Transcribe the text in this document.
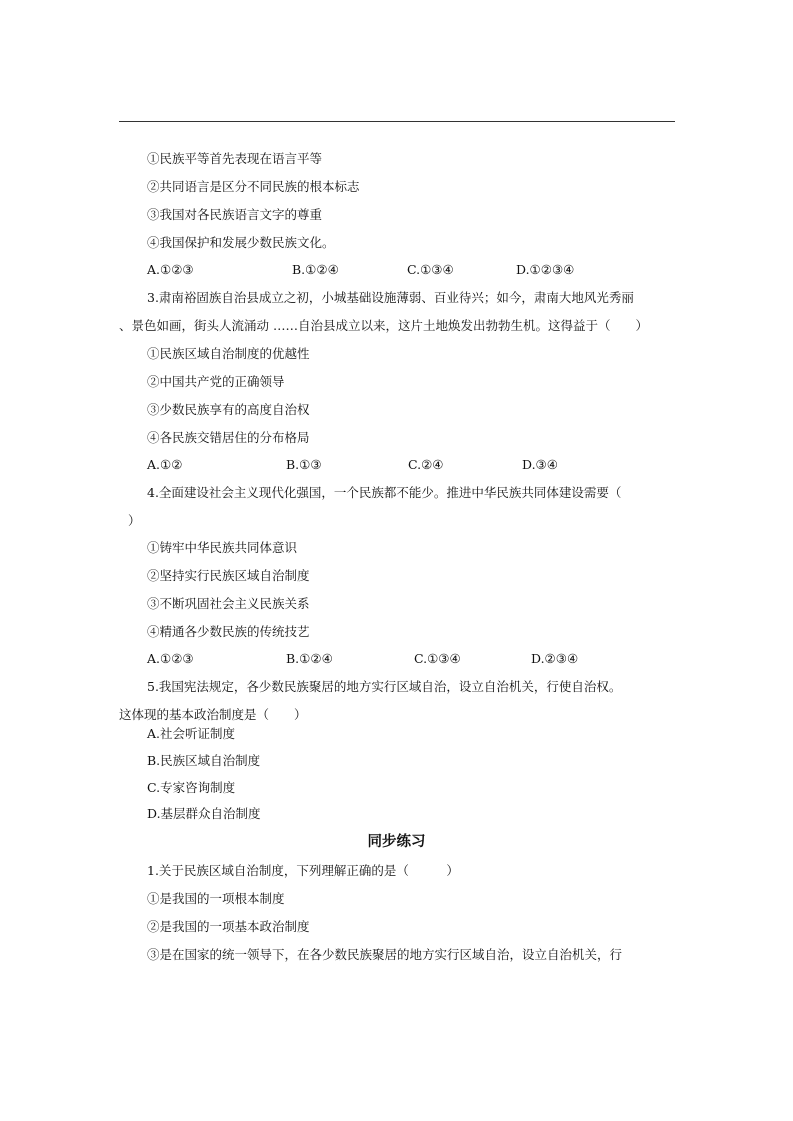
①民族平等首先表现在语言平等
②共同语言是区分不同民族的根本标志
③我国对各民族语言文字的尊重
④我国保护和发展少数民族文化。
A.①②③	B.①②④	C.①③④	D.①②③④
3.肃南裕固族自治县成立之初，小城基础设施薄弱、百业待兴；如今，肃南大地风光秀丽
、景色如画，街头人流涌动 ……自治县成立以来，这片土地焕发出勃勃生机。这得益于（　　）
①民族区域自治制度的优越性
②中国共产党的正确领导
③少数民族享有的高度自治权
④各民族交错居住的分布格局
A.①②	B.①③	C.②④	D.③④
4.全面建设社会主义现代化强国，一个民族都不能少。推进中华民族共同体建设需要（
）
①铸牢中华民族共同体意识
②坚持实行民族区域自治制度
③不断巩固社会主义民族关系
④精通各少数民族的传统技艺
A.①②③	B.①②④	C.①③④	D.②③④
5.我国宪法规定，各少数民族聚居的地方实行区域自治，设立自治机关，行使自治权。
这体现的基本政治制度是（　　）
A.社会听证制度
B.民族区域自治制度
C.专家咨询制度
D.基层群众自治制度
同步练习
1.关于民族区域自治制度，下列理解正确的是（　　　）
①是我国的一项根本制度
②是我国的一项基本政治制度
③是在国家的统一领导下，在各少数民族聚居的地方实行区域自治，设立自治机关，行
